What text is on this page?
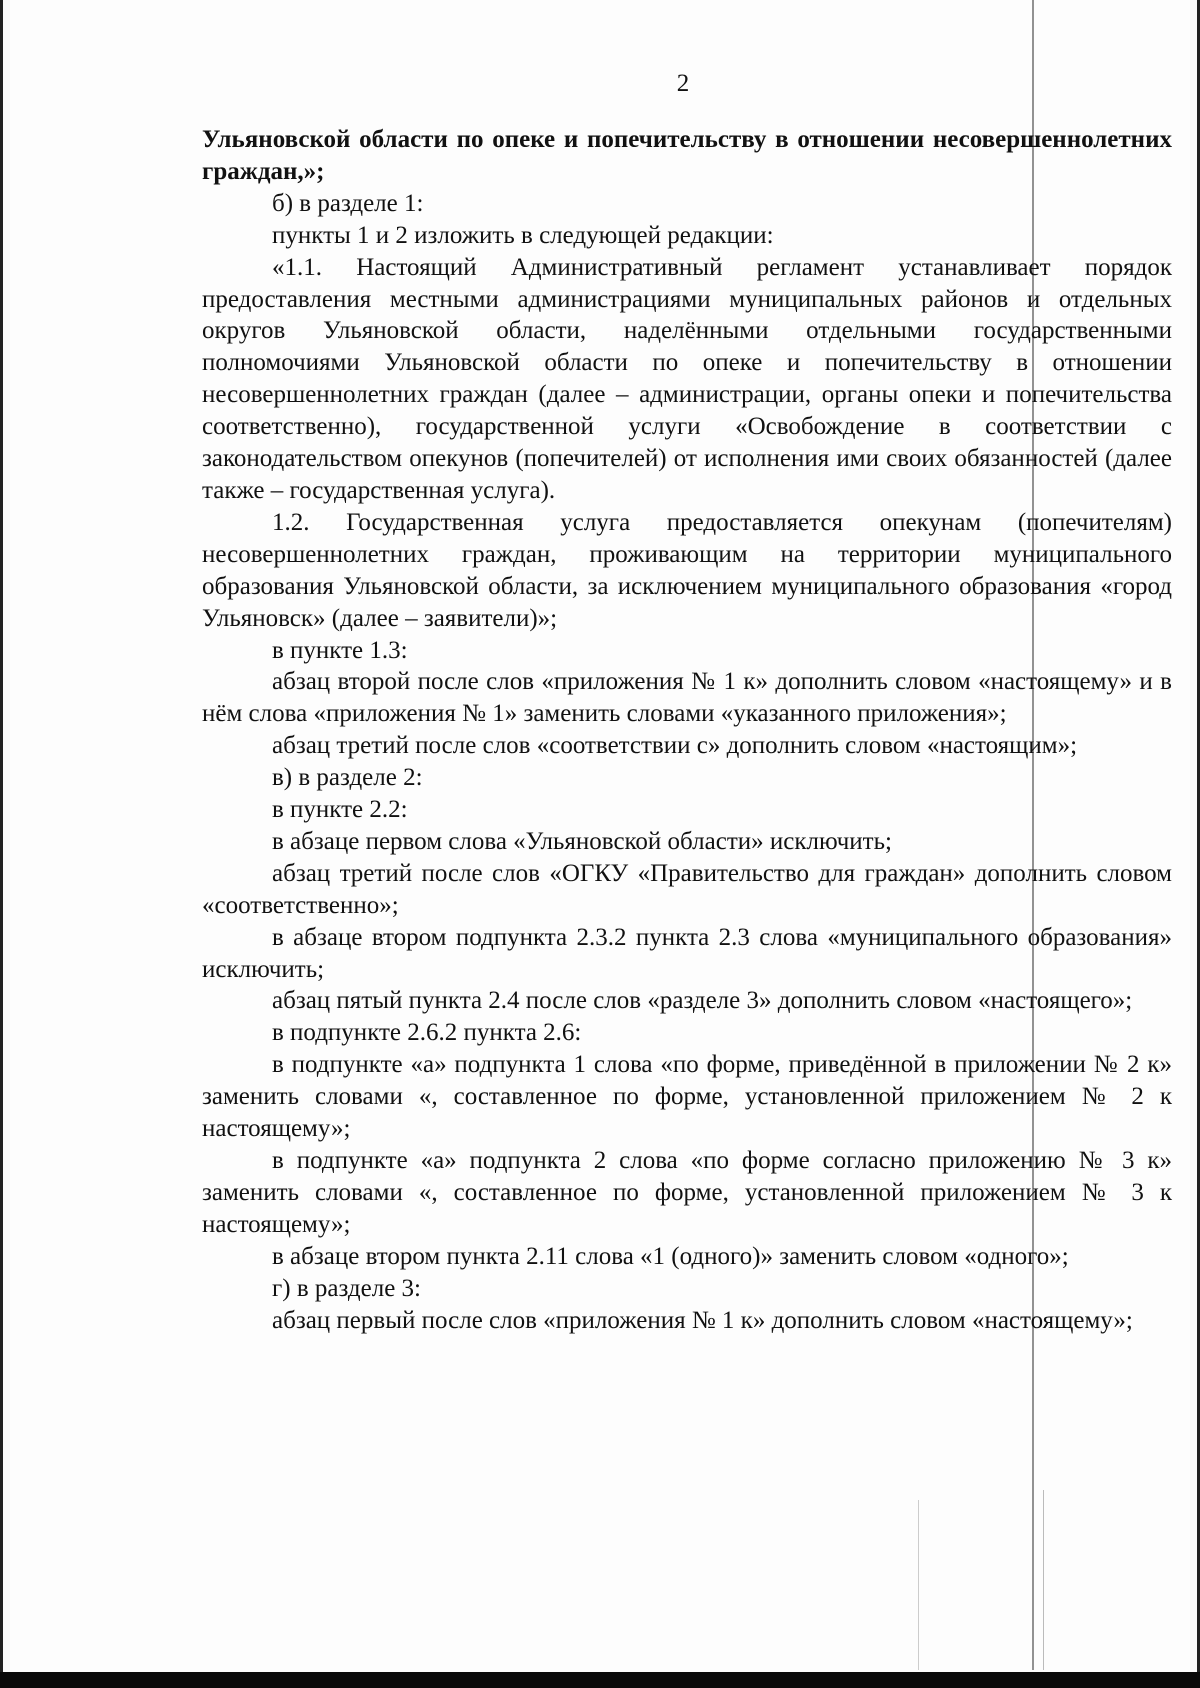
2

Ульяновской области по опеке и попечительству в отношении несовершеннолетних граждан,»;

б) в разделе 1:

пункты 1 и 2 изложить в следующей редакции:

«1.1. Настоящий Административный регламент устанавливает порядок предоставления местными администрациями муниципальных районов и отдельных округов Ульяновской области, наделёнными отдельными государственными полномочиями Ульяновской области по опеке и попечительству в отношении несовершеннолетних граждан (далее – администрации, органы опеки и попечительства соответственно), государственной услуги «Освобождение в соответствии с законодательством опекунов (попечителей) от исполнения ими своих обязанностей (далее также – государственная услуга).

1.2. Государственная услуга предоставляется опекунам (попечителям) несовершеннолетних граждан, проживающим на территории муниципального образования Ульяновской области, за исключением муниципального образования «город Ульяновск» (далее – заявители)»;

в пункте 1.3:

абзац второй после слов «приложения № 1 к» дополнить словом «настоящему» и в нём слова «приложения № 1» заменить словами «указанного приложения»;

абзац третий после слов «соответствии с» дополнить словом «настоящим»;

в) в разделе 2:

в пункте 2.2:

в абзаце первом слова «Ульяновской области» исключить;

абзац третий после слов «ОГКУ «Правительство для граждан» дополнить словом «соответственно»;

в абзаце втором подпункта 2.3.2 пункта 2.3 слова «муниципального образования» исключить;

абзац пятый пункта 2.4 после слов «разделе 3» дополнить словом «настоящего»;

в подпункте 2.6.2 пункта 2.6:

в подпункте «а» подпункта 1 слова «по форме, приведённой в приложении № 2 к» заменить словами «, составленное по форме, установленной приложением № 2 к настоящему»;

в подпункте «а» подпункта 2 слова «по форме согласно приложению № 3 к» заменить словами «, составленное по форме, установленной приложением № 3 к настоящему»;

в абзаце втором пункта 2.11 слова «1 (одного)» заменить словом «одного»;

г) в разделе 3:

абзац первый после слов «приложения № 1 к» дополнить словом «настоящему»;
